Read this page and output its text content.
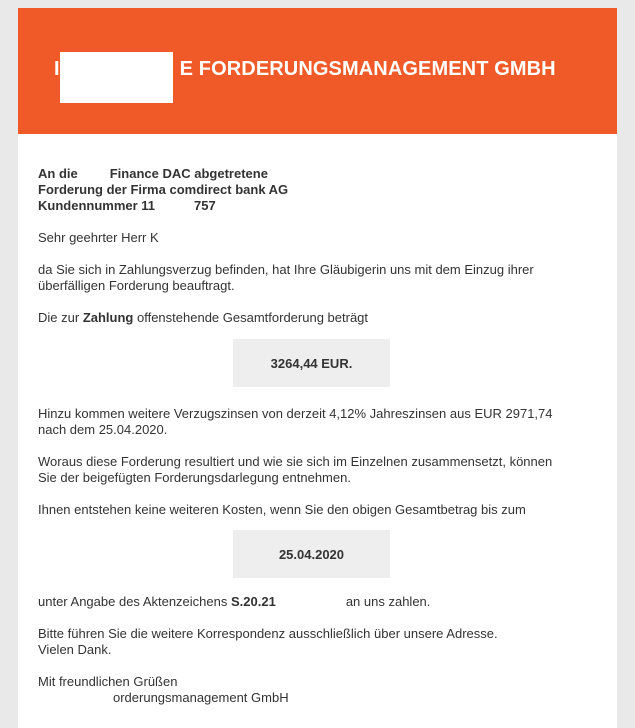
I	E FORDERUNGSMANAGEMENT GMBH
An die Finance DAC abgetretene
Forderung der Firma comdirect bank AG
Kundennummer 11	757
Sehr geehrter Herr K
da Sie sich in Zahlungsverzug befinden, hat Ihre Gläubigerin uns mit dem Einzug ihrer
überfälligen Forderung beauftragt.
Die zur Zahlung offenstehende Gesamtforderung beträgt
3264,44 EUR.
Hinzu kommen weitere Verzugszinsen von derzeit 4,12% Jahreszinsen aus EUR 2971,74
nach dem 25.04.2020.
Woraus diese Forderung resultiert und wie sie sich im Einzelnen zusammensetzt, können
Sie der beigefügten Forderungsdarlegung entnehmen.
Ihnen entstehen keine weiteren Kosten, wenn Sie den obigen Gesamtbetrag bis zum
25.04.2020
unter Angabe des Aktenzeichens S.20.21	an uns zahlen.
Bitte führen Sie die weitere Korrespondenz ausschließlich über unsere Adresse.
Vielen Dank.
Mit freundlichen Grüßen
orderungsmanagement GmbH
